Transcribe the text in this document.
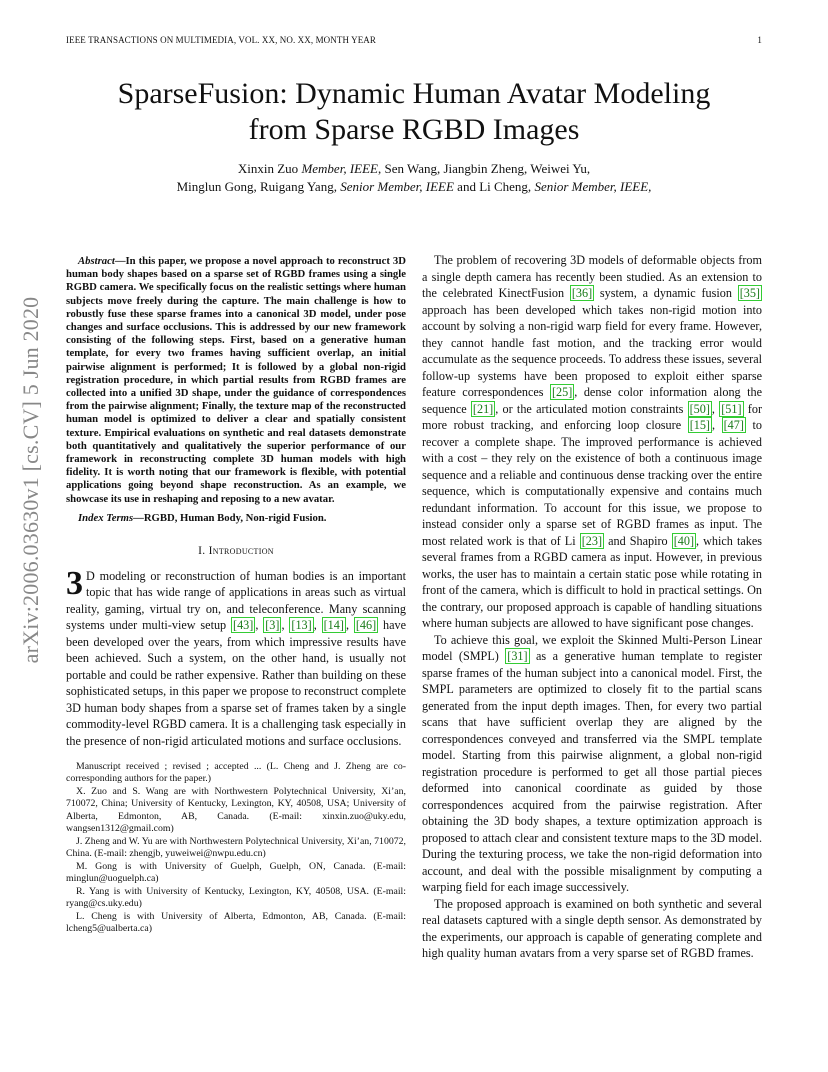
IEEE TRANSACTIONS ON MULTIMEDIA, VOL. XX, NO. XX, MONTH YEAR	1
SparseFusion: Dynamic Human Avatar Modeling
from Sparse RGBD Images
Xinxin Zuo Member, IEEE, Sen Wang, Jiangbin Zheng, Weiwei Yu,
Minglun Gong, Ruigang Yang, Senior Member, IEEE and Li Cheng, Senior Member, IEEE,
arXiv:2006.03630v1 [cs.CV] 5 Jun 2020

Abstract—In this paper, we propose a novel approach to reconstruct 3D human body shapes based on a sparse set of RGBD frames using a single RGBD camera. We specifically focus on the realistic settings where human subjects move freely during the capture. The main challenge is how to robustly fuse these sparse frames into a canonical 3D model, under pose changes and surface occlusions. This is addressed by our new framework consisting of the following steps. First, based on a generative human template, for every two frames having sufficient overlap, an initial pairwise alignment is performed; It is followed by a global non-rigid registration procedure, in which partial results from RGBD frames are collected into a unified 3D shape, under the guidance of correspondences from the pairwise alignment; Finally, the texture map of the reconstructed human model is optimized to deliver a clear and spatially consistent texture. Empirical evaluations on synthetic and real datasets demonstrate both quantitatively and qualitatively the superior performance of our framework in reconstructing complete 3D human models with high fidelity. It is worth noting that our framework is flexible, with potential applications going beyond shape reconstruction. As an example, we showcase its use in reshaping and reposing to a new avatar.

Index Terms—RGBD, Human Body, Non-rigid Fusion.

I. Introduction

3 D modeling or reconstruction of human bodies is an important topic that has wide range of applications in areas such as virtual reality, gaming, virtual try on, and teleconference. Many scanning systems under multi-view setup [43] , [3] , [13] , [14] , [46] have been developed over the years, from which impressive results have been achieved. Such a system, on the other hand, is usually not portable and could be rather expensive. Rather than building on these sophisticated setups, in this paper we propose to reconstruct complete 3D human body shapes from a sparse set of frames taken by a single commodity-level RGBD camera. It is a challenging task especially in the presence of non-rigid articulated motions and surface occlusions.

Manuscript received ; revised ; accepted ... (L. Cheng and J. Zheng are co-corresponding authors for the paper.)

X. Zuo and S. Wang are with Northwestern Polytechnical University, Xi’an, 710072, China; University of Kentucky, Lexington, KY, 40508, USA; University of Alberta, Edmonton, AB, Canada. (E-mail: xinxin.zuo@uky.edu, wangsen1312@gmail.com)

J. Zheng and W. Yu are with Northwestern Polytechnical University, Xi’an, 710072, China. (E-mail: zhengjb, yuweiwei@nwpu.edu.cn)

M. Gong is with University of Guelph, Guelph, ON, Canada. (E-mail: minglun@uoguelph.ca)

R. Yang is with University of Kentucky, Lexington, KY, 40508, USA. (E-mail: ryang@cs.uky.edu)

L. Cheng is with University of Alberta, Edmonton, AB, Canada. (E-mail: lcheng5@ualberta.ca)

The problem of recovering 3D models of deformable objects from a single depth camera has recently been studied. As an extension to the celebrated KinectFusion [36] system, a dynamic fusion [35] approach has been developed which takes non-rigid motion into account by solving a non-rigid warp field for every frame. However, they cannot handle fast motion, and the tracking error would accumulate as the sequence proceeds. To address these issues, several follow-up systems have been proposed to exploit either sparse feature correspondences [25] , dense color information along the sequence [21] , or the articulated motion constraints [50] , [51] for more robust tracking, and enforcing loop closure [15] , [47] to recover a complete shape. The improved performance is achieved with a cost – they rely on the existence of both a continuous image sequence and a reliable and continuous dense tracking over the entire sequence, which is computationally expensive and contains much redundant information. To account for this issue, we propose to instead consider only a sparse set of RGBD frames as input. The most related work is that of Li [23] and Shapiro [40] , which takes several frames from a RGBD camera as input. However, in previous works, the user has to maintain a certain static pose while rotating in front of the camera, which is difficult to hold in practical settings. On the contrary, our proposed approach is capable of handling situations where human subjects are allowed to have significant pose changes.

To achieve this goal, we exploit the Skinned Multi-Person Linear model (SMPL) [31] as a generative human template to register sparse frames of the human subject into a canonical model. First, the SMPL parameters are optimized to closely fit to the partial scans generated from the input depth images. Then, for every two partial scans that have sufficient overlap they are aligned by the correspondences conveyed and transferred via the SMPL template model. Starting from this pairwise alignment, a global non-rigid registration procedure is performed to get all those partial pieces deformed into canonical coordinate as guided by those correspondences acquired from the pairwise registration. After obtaining the 3D body shapes, a texture optimization approach is proposed to attach clear and consistent texture maps to the 3D model. During the texturing process, we take the non-rigid deformation into account, and deal with the possible misalignment by computing a warping field for each image successively.

The proposed approach is examined on both synthetic and several real datasets captured with a single depth sensor. As demonstrated by the experiments, our approach is capable of generating complete and high quality human avatars from a very sparse set of RGBD frames.
